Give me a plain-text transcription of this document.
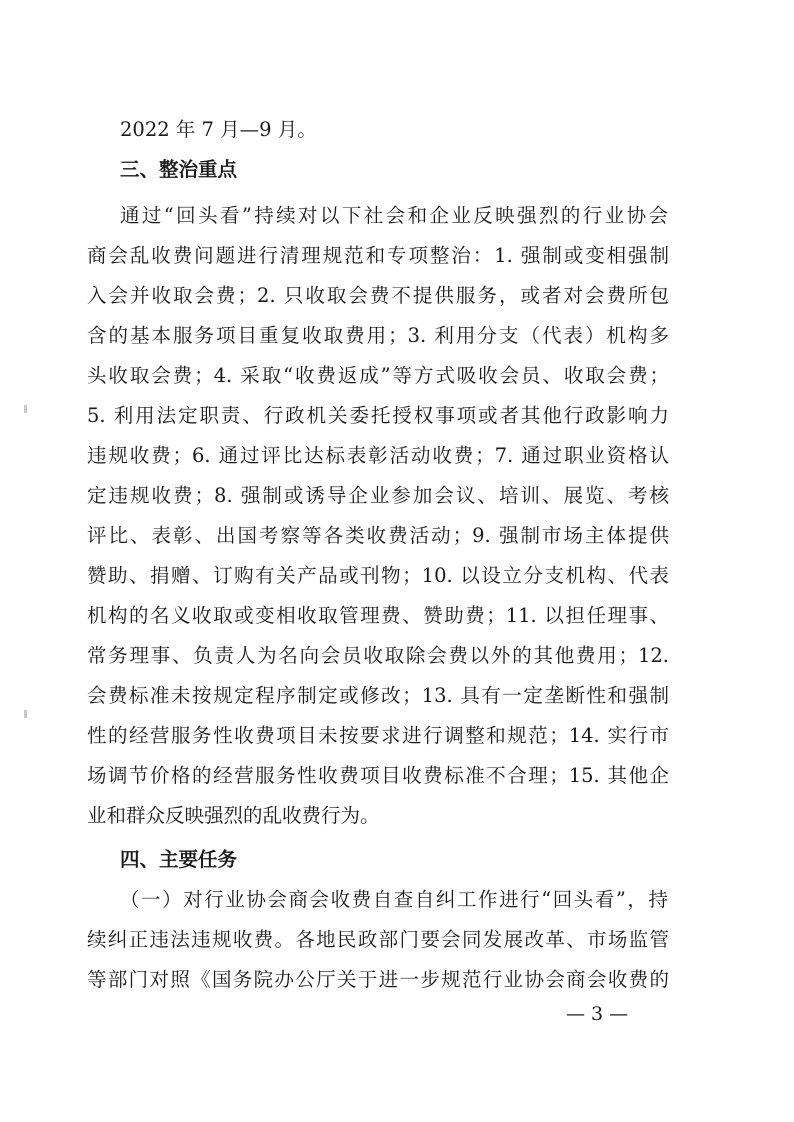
2022 年 7 月—9 月。
三、整治重点
通过“回头看”持续对以下社会和企业反映强烈的行业协会
商会乱收费问题进行清理规范和专项整治：1. 强制或变相强制
入会并收取会费；2. 只收取会费不提供服务，或者对会费所包
含的基本服务项目重复收取费用；3. 利用分支（代表）机构多
头收取会费；4. 采取“收费返成”等方式吸收会员、收取会费；
5. 利用法定职责、行政机关委托授权事项或者其他行政影响力
违规收费；6. 通过评比达标表彰活动收费；7. 通过职业资格认
定违规收费；8. 强制或诱导企业参加会议、培训、展览、考核
评比、表彰、出国考察等各类收费活动；9. 强制市场主体提供
赞助、捐赠、订购有关产品或刊物；10. 以设立分支机构、代表
机构的名义收取或变相收取管理费、赞助费；11. 以担任理事、
常务理事、负责人为名向会员收取除会费以外的其他费用；12.
会费标准未按规定程序制定或修改；13. 具有一定垄断性和强制
性的经营服务性收费项目未按要求进行调整和规范；14. 实行市
场调节价格的经营服务性收费项目收费标准不合理；15. 其他企
业和群众反映强烈的乱收费行为。
四、主要任务
（一）对行业协会商会收费自查自纠工作进行“回头看”，持
续纠正违法违规收费。各地民政部门要会同发展改革、市场监管
等部门对照《国务院办公厅关于进一步规范行业协会商会收费的
— 3 —
